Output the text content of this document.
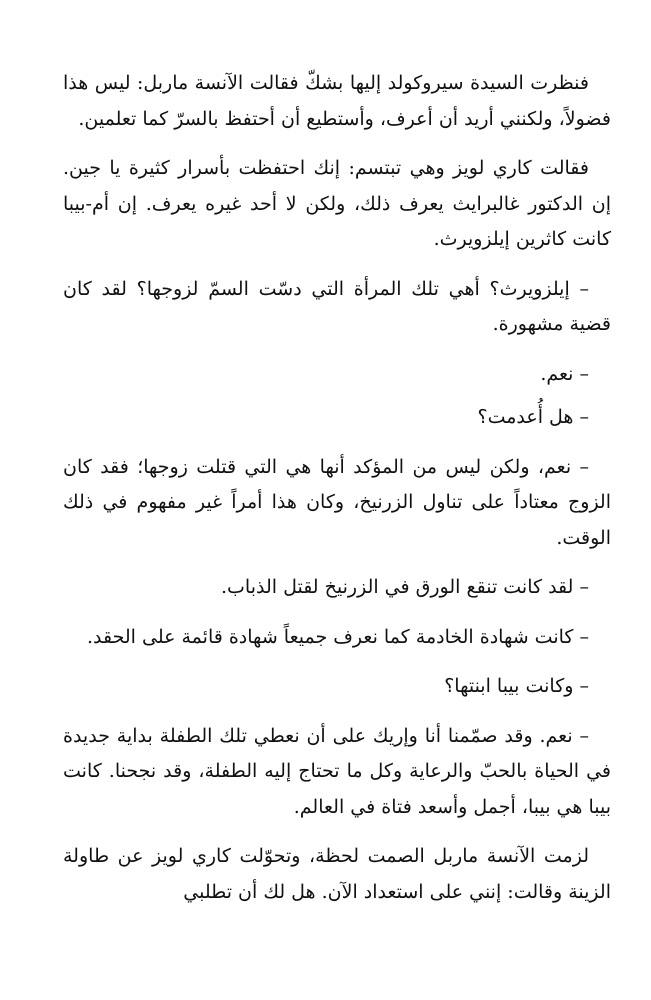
فنظرت السيدة سيروكولد إليها بشكّ فقالت الآنسة ماربل: ليس هذا فضولاً، ولكنني أريد أن أعرف، وأستطيع أن أحتفظ بالسرّ كما تعلمين.

فقالت كاري لويز وهي تبتسم: إنك احتفظت بأسرار كثيرة يا جين. إن الدكتور غالبرايث يعرف ذلك، ولكن لا أحد غيره يعرف. إن أم-بيبا كانت كاثرين إيلزويرث.

– إيلزويرث؟ أهي تلك المرأة التي دسّت السمّ لزوجها؟ لقد كان قضية مشهورة.

– نعم.

– هل أُعدمت؟

– نعم، ولكن ليس من المؤكد أنها هي التي قتلت زوجها؛ فقد كان الزوج معتاداً على تناول الزرنيخ، وكان هذا أمراً غير مفهوم في ذلك الوقت.

– لقد كانت تنقع الورق في الزرنيخ لقتل الذباب.

– كانت شهادة الخادمة كما نعرف جميعاً شهادة قائمة على الحقد.

– وكانت بيبا ابنتها؟

– نعم. وقد صمّمنا أنا وإريك على أن نعطي تلك الطفلة بداية جديدة في الحياة بالحبّ والرعاية وكل ما تحتاج إليه الطفلة، وقد نجحنا. كانت بيبا هي بيبا، أجمل وأسعد فتاة في العالم.

لزمت الآنسة ماربل الصمت لحظة، وتحوّلت كاري لويز عن طاولة الزينة وقالت: إنني على استعداد الآن. هل لك أن تطلبي
